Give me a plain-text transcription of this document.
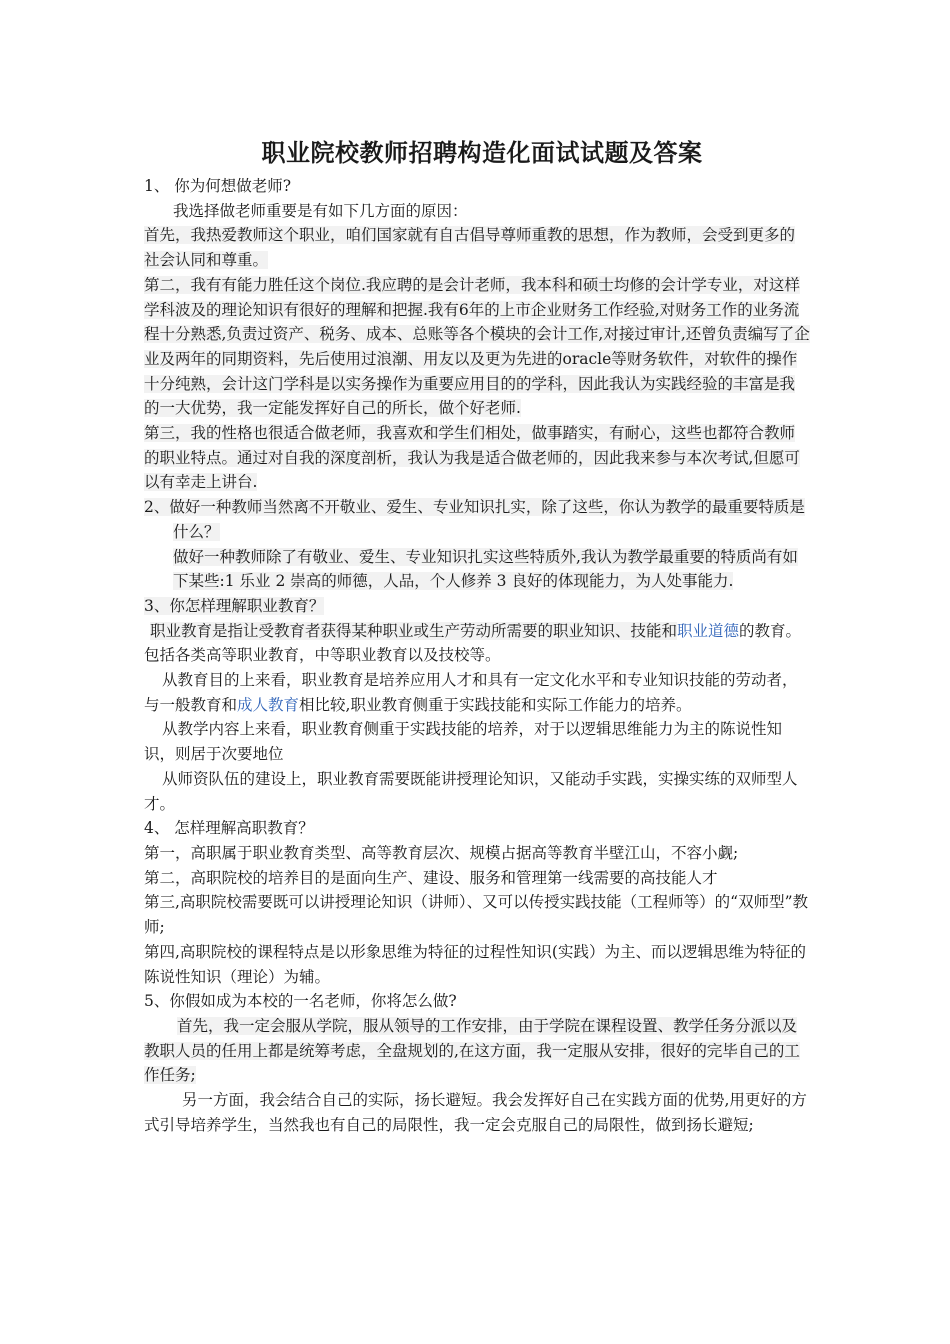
职业院校教师招聘构造化面试试题及答案

1、 你为何想做老师?

我选择做老师重要是有如下几方面的原因：

首先，我热爱教师这个职业，咱们国家就有自古倡导尊师重教的思想，作为教师，会受到更多的社会认同和尊重。

第二，我有有能力胜任这个岗位.我应聘的是会计老师，我本科和硕士均修的会计学专业，对这样学科波及的理论知识有很好的理解和把握.我有6年的上市企业财务工作经验,对财务工作的业务流程十分熟悉,负责过资产、税务、成本、总账等各个模块的会计工作,对接过审计,还曾负责编写了企业及两年的同期资料，先后使用过浪潮、用友以及更为先进的oracle等财务软件，对软件的操作十分纯熟，会计这门学科是以实务操作为重要应用目的的学科，因此我认为实践经验的丰富是我的一大优势，我一定能发挥好自己的所长，做个好老师.

第三，我的性格也很适合做老师，我喜欢和学生们相处，做事踏实，有耐心，这些也都符合教师的职业特点。通过对自我的深度剖析，我认为我是适合做老师的，因此我来参与本次考试,但愿可以有幸走上讲台.

2、做好一种教师当然离不开敬业、爱生、专业知识扎实，除了这些，你认为教学的最重要特质是什么？

做好一种教师除了有敬业、爱生、专业知识扎实这些特质外,我认为教学最重要的特质尚有如下某些:1 乐业 2 崇高的师德，人品，个人修养 3 良好的体现能力，为人处事能力.

3、你怎样理解职业教育？

职业教育是指让受教育者获得某种职业或生产劳动所需要的职业知识、技能和职业道德的教育。包括各类高等职业教育，中等职业教育以及技校等。

从教育目的上来看，职业教育是培养应用人才和具有一定文化水平和专业知识技能的劳动者，与一般教育和成人教育相比较,职业教育侧重于实践技能和实际工作能力的培养。

从教学内容上来看，职业教育侧重于实践技能的培养，对于以逻辑思维能力为主的陈说性知识，则居于次要地位

从师资队伍的建设上，职业教育需要既能讲授理论知识，又能动手实践，实操实练的双师型人才。

4、 怎样理解高职教育？

第一，高职属于职业教育类型、高等教育层次、规模占据高等教育半壁江山，不容小觑;

第二，高职院校的培养目的是面向生产、建设、服务和管理第一线需要的高技能人才

第三,高职院校需要既可以讲授理论知识（讲师）、又可以传授实践技能（工程师等）的“双师型”教师;

第四,高职院校的课程特点是以形象思维为特征的过程性知识(实践）为主、而以逻辑思维为特征的陈说性知识（理论）为辅。

5、你假如成为本校的一名老师，你将怎么做?

首先，我一定会服从学院，服从领导的工作安排，由于学院在课程设置、教学任务分派以及教职人员的任用上都是统筹考虑，全盘规划的,在这方面，我一定服从安排，很好的完毕自己的工作任务;

另一方面，我会结合自己的实际，扬长避短。我会发挥好自己在实践方面的优势,用更好的方式引导培养学生，当然我也有自己的局限性，我一定会克服自己的局限性，做到扬长避短;
